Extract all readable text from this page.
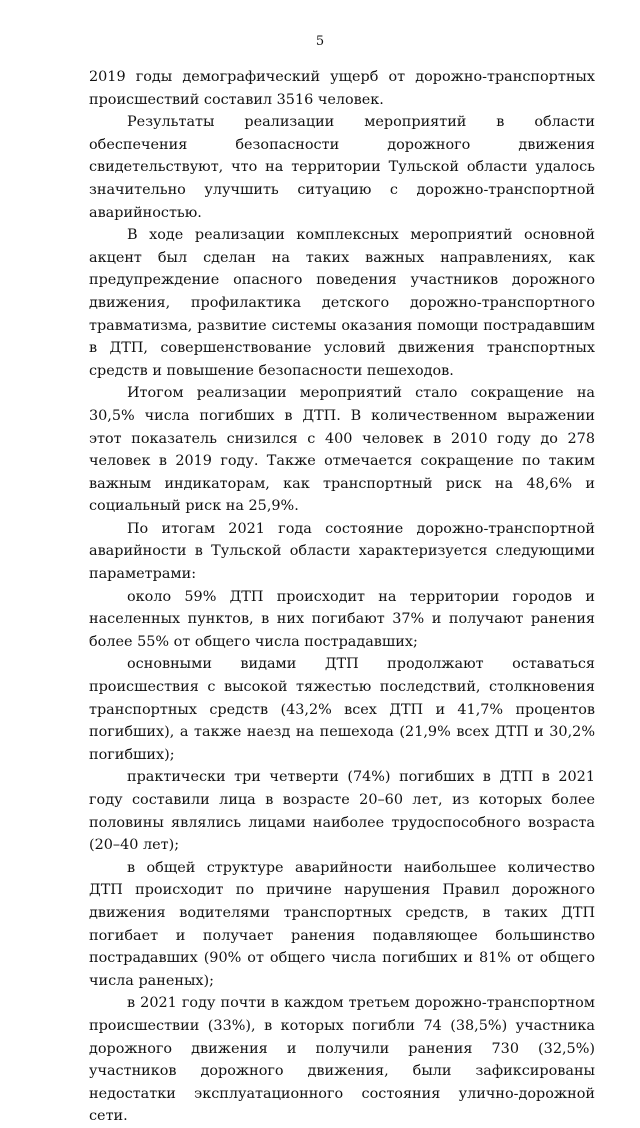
5

2019 годы демографический ущерб от дорожно-транспортных происшествий составил 3516 человек.

Результаты реализации мероприятий в области обеспечения безопасности дорожного движения свидетельствуют, что на территории Тульской области удалось значительно улучшить ситуацию с дорожно-транспортной аварийностью.

В ходе реализации комплексных мероприятий основной акцент был сделан на таких важных направлениях, как предупреждение опасного поведения участников дорожного движения, профилактика детского дорожно-транспортного травматизма, развитие системы оказания помощи пострадавшим в ДТП, совершенствование условий движения транспортных средств и повышение безопасности пешеходов.

Итогом реализации мероприятий стало сокращение на 30,5% числа погибших в ДТП. В количественном выражении этот показатель снизился с 400 человек в 2010 году до 278 человек в 2019 году. Также отмечается сокращение по таким важным индикаторам, как транспортный риск на 48,6% и социальный риск на 25,9%.

По итогам 2021 года состояние дорожно-транспортной аварийности в Тульской области характеризуется следующими параметрами:

около 59% ДТП происходит на территории городов и населенных пунктов, в них погибают 37% и получают ранения более 55% от общего числа пострадавших;

основными видами ДТП продолжают оставаться происшествия с высокой тяжестью последствий, столкновения транспортных средств (43,2% всех ДТП и 41,7% процентов погибших), а также наезд на пешехода (21,9% всех ДТП и 30,2% погибших);

практически три четверти (74%) погибших в ДТП в 2021 году составили лица в возрасте 20–60 лет, из которых более половины являлись лицами наиболее трудоспособного возраста (20–40 лет);

в общей структуре аварийности наибольшее количество ДТП происходит по причине нарушения Правил дорожного движения водителями транспортных средств, в таких ДТП погибает и получает ранения подавляющее большинство пострадавших (90% от общего числа погибших и 81% от общего числа раненых);

в 2021 году почти в каждом третьем дорожно-транспортном происшествии (33%), в которых погибли 74 (38,5%) участника дорожного движения и получили ранения 730 (32,5%) участников дорожного движения, были зафиксированы недостатки эксплуатационного состояния улично-дорожной сети.
